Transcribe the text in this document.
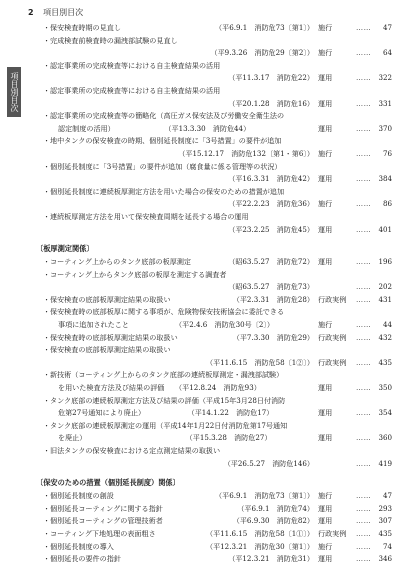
2 項目別目次
項目別目次
・ 保安検査時期の見直し	（平6.9.1　消防危73〔第1〕） 施行	……	47
・ 完成検査前検査時の漏洩部試験の見直し
（平9.3.26　消防危29〔第2〕） 施行	……	64
・ 認定事業所の完成検査等における自主検査結果の活用
（平11.3.17　消防危22） 運用	……	322
・ 認定事業所の完成検査等における自主検査結果の活用
（平20.1.28　消防危16） 運用	……	331
・ 認定事業所の完成検査等の簡略化（高圧ガス保安法及び労働安全衛生法の
認定制度の活用）　　　　　　　　（平13.3.30　消防危44）	運用	……	370
・ 地中タンクの保安検査の時期、個別延長制度に「3号措置」の要件が追加
（平15.12.17　消防危132〔第1・第6〕） 施行	……	76
・ 個別延長制度に「3号措置」の要件が追加（腐食量に係る管理等の状況）
（平16.3.31　消防危42） 運用	……	384
・ 個別延長制度に連続板厚測定方法を用いた場合の保安のための措置が追加
（平22.2.23　消防危36） 施行	……	86
・ 連続板厚測定方法を用いて保安検査周期を延長する場合の運用
（平23.2.25　消防危45） 運用	……	401
〔板厚測定関係〕
・ コーティング上からのタンク底部の板厚測定	（昭63.5.27　消防危72） 運用	……	196
・ コーティング上からタンク底部の板厚を測定する調査者
（昭63.5.27　消防危73）	……	202
・ 保安検査の底部板厚測定結果の取扱い	（平2.3.31　消防危28） 行政実例	……	431
・ 保安検査時の底部板厚に関する事項が、危険物保安技術協会に委託できる
事項に追加されたこと　　　　　　　（平2.4.6　消防危30号〔2〕）	施行	……	44
・ 保安検査時の底部板厚測定結果の取扱い	（平7.3.30　消防危29） 行政実例	……	432
・ 保安検査の底部板厚測定結果の取扱い
（平11.6.15　消防危58〔1②〕） 行政実例	……	435
・ 新技術（コーティング上からのタンク底部の連続板厚測定・漏洩部試験）
を用いた検査方法及び結果の評価　　（平12.8.24　消防危93）	運用	……	350
・ タンク底部の連続板厚測定方法及び結果の評価（平成15年3月28日付消防
危第27号通知により廃止）　　　　　　　（平14.1.22　消防危17）	運用	……	354
・ タンク底部の連続板厚測定の運用（平成14年1月22日付消防危第17号通知
を廃止）　　　　　　　　　　　　　　　（平15.3.28　消防危27）	運用	……	360
・ 旧法タンクの保安検査における定点測定結果の取扱い
（平26.5.27　消防危146）	……	419
〔保安のための措置（個別延長制度）関係〕
・ 個別延長制度の創設	（平6.9.1　消防危73〔第1〕） 施行	……	47
・ 個別延長コーティングに関する指針	（平6.9.1　消防危74） 運用	……	293
・ 個別延長コーティングの管理技術者	（平6.9.30　消防危82） 運用	……	307
・ コーティング下地処理の表面粗さ	（平11.6.15　消防危58〔1①〕） 行政実例	……	435
・ 個別延長制度の導入	（平12.3.21　消防危30〔第1〕） 施行	……	74
・ 個別延長の要件の指針	（平12.3.21　消防危31） 運用	……	346
